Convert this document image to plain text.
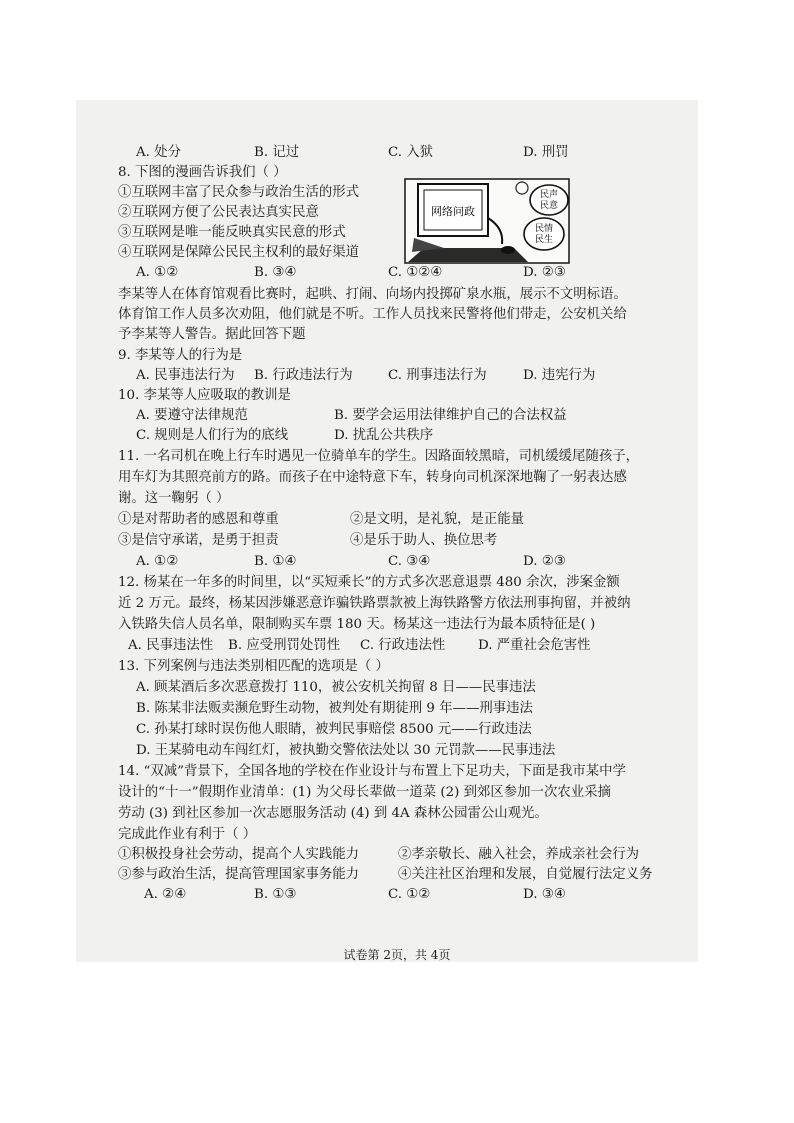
A. 处分	B. 记过	C. 入狱	D. 刑罚
8. 下图的漫画告诉我们（ ）
①互联网丰富了民众参与政治生活的形式
②互联网方便了公民表达真实民意
③互联网是唯一能反映真实民意的形式
④互联网是保障公民民主权利的最好渠道
网络问政
民声
民意
民情
民生
A. ①②	B. ③④	C. ①②④	D. ②③
李某等人在体育馆观看比赛时，起哄、打闹、向场内投掷矿泉水瓶，展示不文明标语。
体育馆工作人员多次劝阻，他们就是不听。工作人员找来民警将他们带走，公安机关给
予李某等人警告。据此回答下题
9. 李某等人的行为是
A. 民事违法行为 B. 行政违法行为	C. 刑事违法行为	D. 违宪行为
10. 李某等人应吸取的教训是
A. 要遵守法律规范	B. 要学会运用法律维护自己的合法权益
C. 规则是人们行为的底线	D. 扰乱公共秩序
11. 一名司机在晚上行车时遇见一位骑单车的学生。因路面较黑暗，司机缓缓尾随孩子，
用车灯为其照亮前方的路。而孩子在中途特意下车，转身向司机深深地鞠了一躬表达感
谢。这一鞠躬（ ）
①是对帮助者的感恩和尊重	②是文明，是礼貌，是正能量
③是信守承诺，是勇于担责	④是乐于助人、换位思考
A. ①②	B. ①④	C. ③④	D. ②③
12. 杨某在一年多的时间里，以“买短乘长”的方式多次恶意退票 480 余次，涉案金额
近 2 万元。最终，杨某因涉嫌恶意诈骗铁路票款被上海铁路警方依法刑事拘留，并被纳
入铁路失信人员名单，限制购买车票 180 天。杨某这一违法行为最本质特征是( )
A. 民事违法性 B. 应受刑罚处罚性 C. 行政违法性 D. 严重社会危害性
13. 下列案例与违法类别相匹配的选项是（ ）
A. 顾某酒后多次恶意拨打 110，被公安机关拘留 8 日——民事违法
B. 陈某非法贩卖濒危野生动物，被判处有期徒刑 9 年——刑事违法
C. 孙某打球时误伤他人眼睛，被判民事赔偿 8500 元——行政违法
D. 王某骑电动车闯红灯，被执勤交警依法处以 30 元罚款——民事违法
14. “双减”背景下，全国各地的学校在作业设计与布置上下足功夫，下面是我市某中学
设计的“十一”假期作业清单：(1) 为父母长辈做一道菜 (2) 到郊区参加一次农业采摘
劳动 (3) 到社区参加一次志愿服务活动 (4) 到 4A 森林公园雷公山观光。
完成此作业有利于（ ）
①积极投身社会劳动，提高个人实践能力	②孝亲敬长、融入社会，养成亲社会行为
③参与政治生活，提高管理国家事务能力	④关注社区治理和发展，自觉履行法定义务
A. ②④	B. ①③	C. ①②	D. ③④
试卷第 2页，共 4页
